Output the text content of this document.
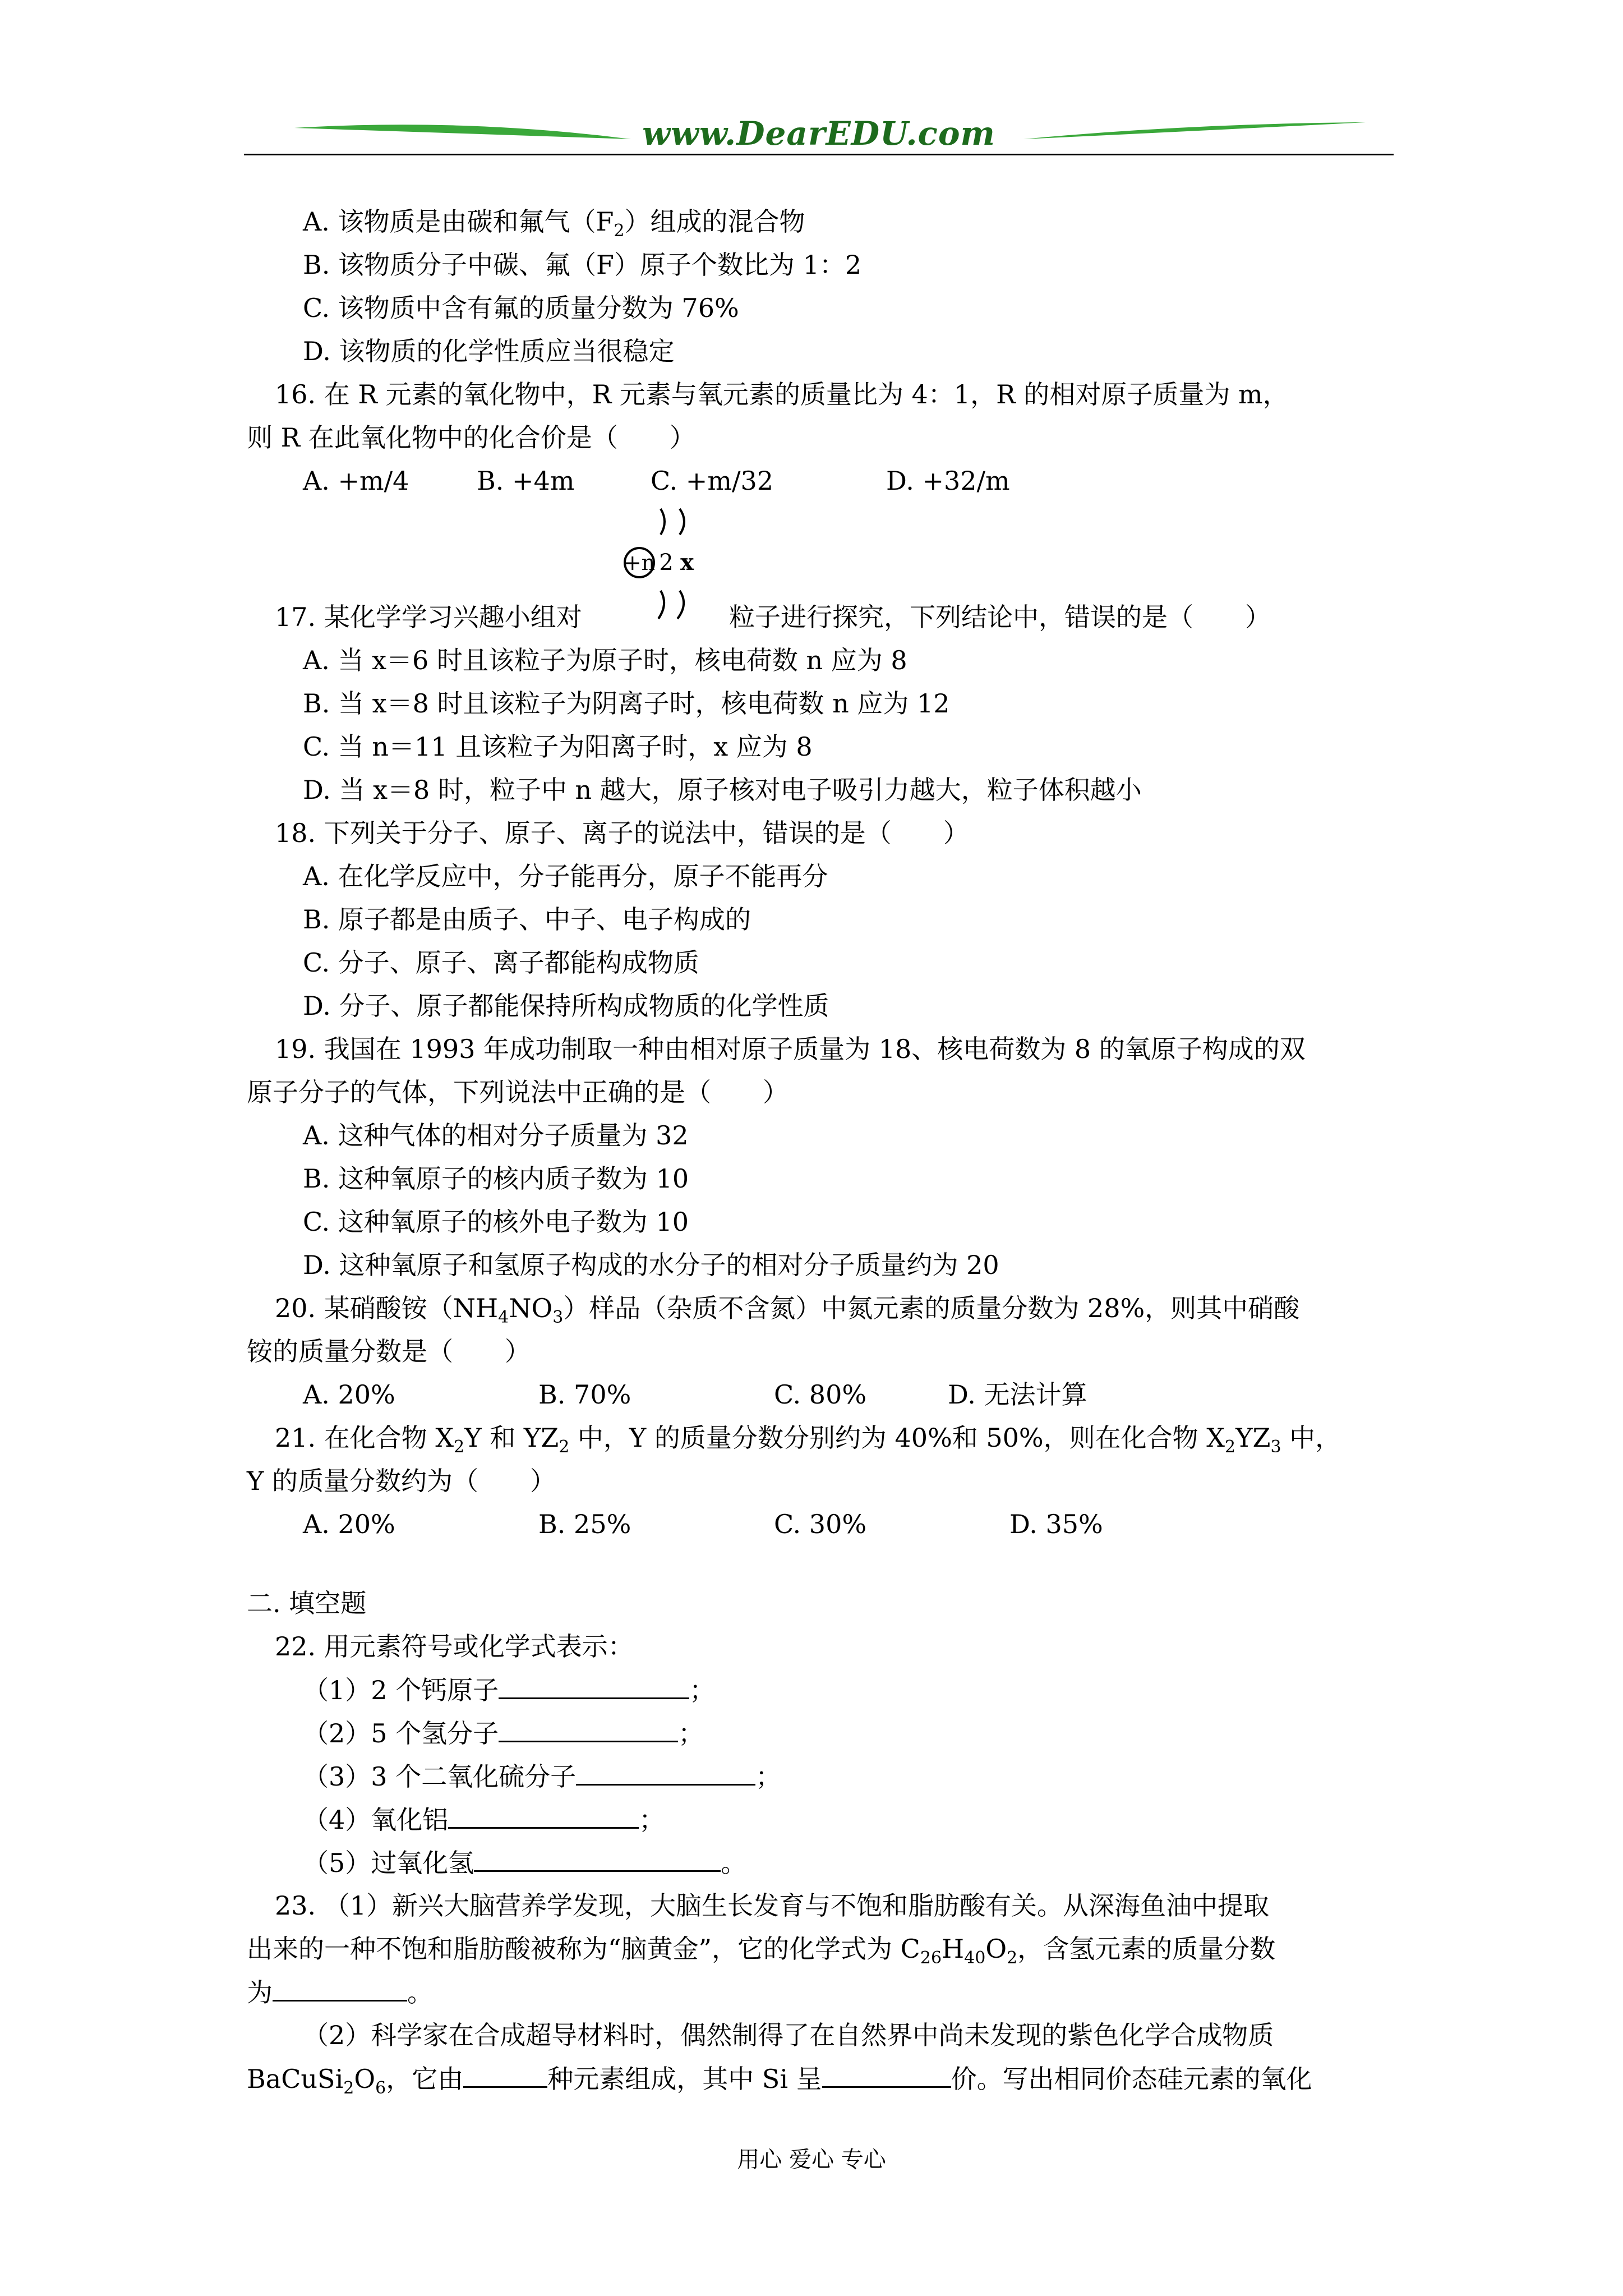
www.DearEDU.com
A. 该物质是由碳和氟气$(F_2)$组成的混合物
B. 该物质分子中碳、氟（F）原子个数比为 1：2
C. 该物质中含有氟的质量分数为 76%
D. 该物质的化学性质应当很稳定
16. 在 R 元素的氧化物中，R 元素与氧元素的质量比为 4：1，R 的相对原子质量为 m，
则 R 在此氧化物中的化合价是（　　）
A. +m/4	B. +4m	C. +m/32	D. +32/m
+n 2 x
17. 某化学学习兴趣小组对	粒子进行探究，下列结论中，错误的是（　　）
A. 当 x＝6 时且该粒子为原子时，核电荷数 n 应为 8
B. 当 x＝8 时且该粒子为阴离子时，核电荷数 n 应为 12
C. 当 n＝11 且该粒子为阳离子时，x 应为 8
D. 当 x＝8 时，粒子中 n 越大，原子核对电子吸引力越大，粒子体积越小
18. 下列关于分子、原子、离子的说法中，错误的是（　　）
A. 在化学反应中，分子能再分，原子不能再分
B. 原子都是由质子、中子、电子构成的
C. 分子、原子、离子都能构成物质
D. 分子、原子都能保持所构成物质的化学性质
19. 我国在 1993 年成功制取一种由相对原子质量为 18、核电荷数为 8 的氧原子构成的双
原子分子的气体，下列说法中正确的是（　　）
A. 这种气体的相对分子质量为 32
B. 这种氧原子的核内质子数为 10
C. 这种氧原子的核外电子数为 10
D. 这种氧原子和氢原子构成的水分子的相对分子质量约为 20
20. 某硝酸铵$(NH_4NO_3)$样品（杂质不含氮）中氮元素的质量分数为 28%，则其中硝酸
铵的质量分数是（　　）
A. 20%	B. 70%	C. 80%	D. 无法计算
21. 在化合物 $X_2Y$ 和 $YZ_2$ 中，Y 的质量分数分别约为 40%和 50%，则在化合物 $X_2YZ_3$ 中，
Y 的质量分数约为（　　）
A. 20%	B. 25%	C. 30%	D. 35%
二. 填空题
22. 用元素符号或化学式表示：
（1）2 个钙原子	；
（2）5 个氢分子	；
（3）3 个二氧化硫分子	；
（4）氧化铝	；
（5）过氧化氢	。
23. （1）新兴大脑营养学发现，大脑生长发育与不饱和脂肪酸有关。从深海鱼油中提取
出来的一种不饱和脂肪酸被称为“脑黄金”，它的化学式为 $C_{26}H_{40}O_2$，含氢元素的质量分数
为	。
（2）科学家在合成超导材料时，偶然制得了在自然界中尚未发现的紫色化学合成物质
$BaCuSi_2O_6$，它由	种元素组成，其中 Si 呈	价。写出相同价态硅元素的氧化
用心 爱心 专心
